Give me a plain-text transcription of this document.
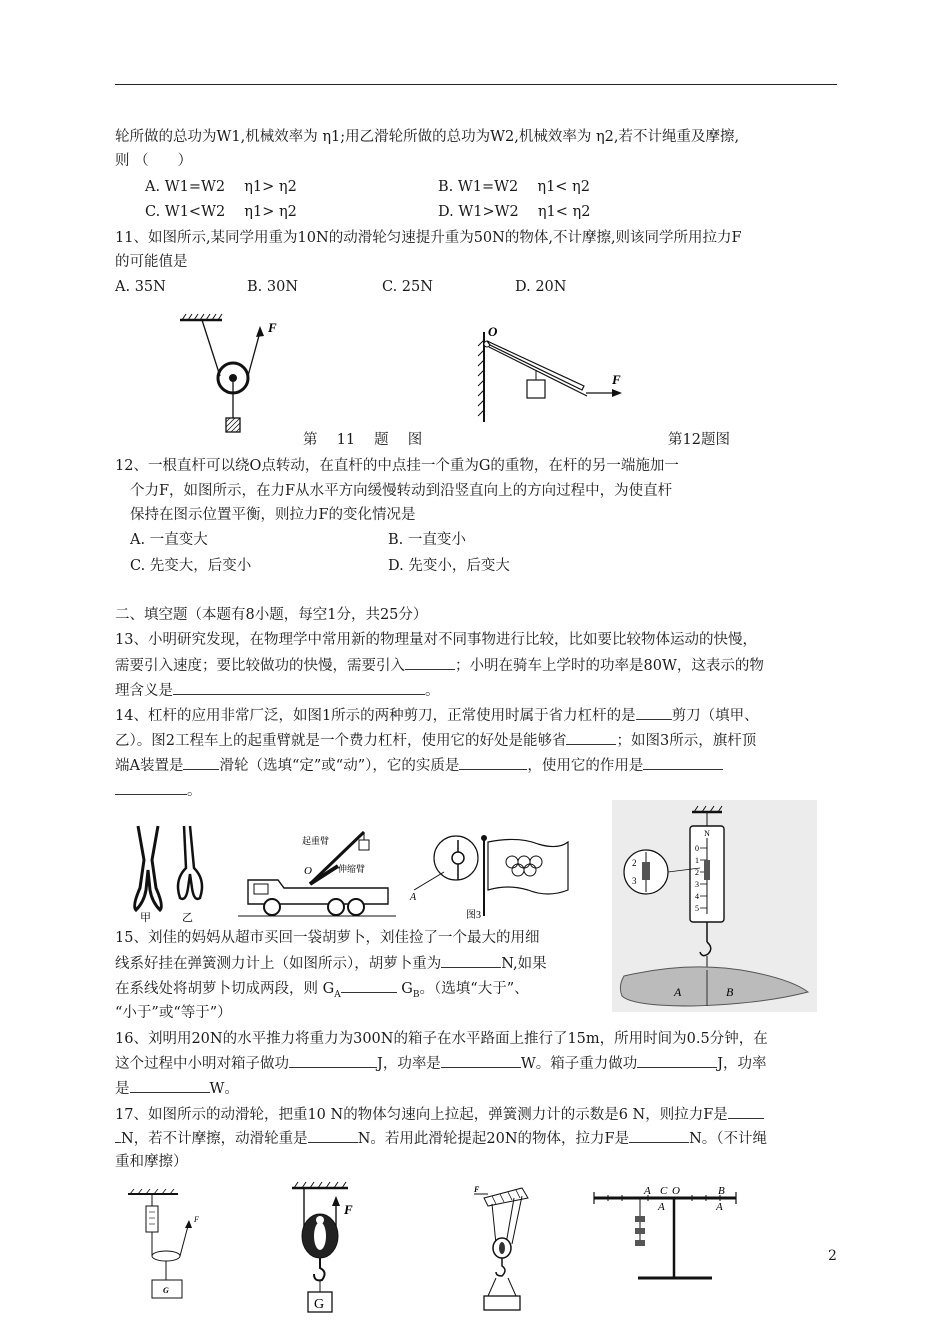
轮所做的总功为W1,机械效率为 η1;用乙滑轮所做的总功为W2,机械效率为 η2,若不计绳重及摩擦,
则 （　　）
A. W1=W2　 η1> η2	B. W1=W2　 η1< η2
C. W1<W2　 η1> η2	D. W1>W2　 η1< η2
11、如图所示,某同学用重为10N的动滑轮匀速提升重为50N的物体,不计摩擦,则该同学所用拉力F
的可能值是
A. 35N	B. 30N	C. 25N	D. 20N
F
第　 11　 题　 图
O
F
第12题图
12、一根直杆可以绕O点转动，在直杆的中点挂一个重为G的重物，在杆的另一端施加一
个力F，如图所示，在力F从水平方向缓慢转动到沿竖直向上的方向过程中，为使直杆
保持在图示位置平衡，则拉力F的变化情况是
A. 一直变大	B. 一直变小
C. 先变大，后变小	D. 先变小，后变大
二、填空题（本题有8小题，每空1分，共25分）
13、小明研究发现，在物理学中常用新的物理量对不同事物进行比较，比如要比较物体运动的快慢，
需要引入速度；要比较做功的快慢，需要引入	；小明在骑车上学时的功率是80W，这表示的物
理含义是	。
14、杠杆的应用非常厂泛，如图1所示的两种剪刀，正常使用时属于省力杠杆的是 剪刀（填甲、
乙）。图2工程车上的起重臂就是一个费力杠杆，使用它的好处是能够省	；如图3所示，旗杆顶
端A装置是 滑轮（选填“定”或“动”），它的实质是	，使用它的作用是
。
甲	乙
起重臂
伸缩臂
O
A
图3
0
1
2
3
4
5
N
2
3
A	B
15、刘佳的妈妈从超市买回一袋胡萝卜，刘佳捡了一个最大的用细
线系好挂在弹簧测力计上（如图所示），胡萝卜重为	N,如果
在系线处将胡萝卜切成两段，则 $G_A$	$G_B$。（选填“大于”、
“小于”或“等于”）
16、刘明用20N的水平推力将重力为300N的箱子在水平路面上推行了15m，所用时间为0.5分钟，在
这个过程中小明对箱子做功	J，功率是	W。箱子重力做功	J，功率
是	W。
17、如图所示的动滑轮，把重10 N的物体匀速向上拉起，弹簧测力计的示数是6 N，则拉力F是
N，若不计摩擦，动滑轮重是	N。若用此滑轮提起20N的物体，拉力F是	N。（不计绳
重和摩擦）
F
G
F
G
F	A C O	B
A	A
2
